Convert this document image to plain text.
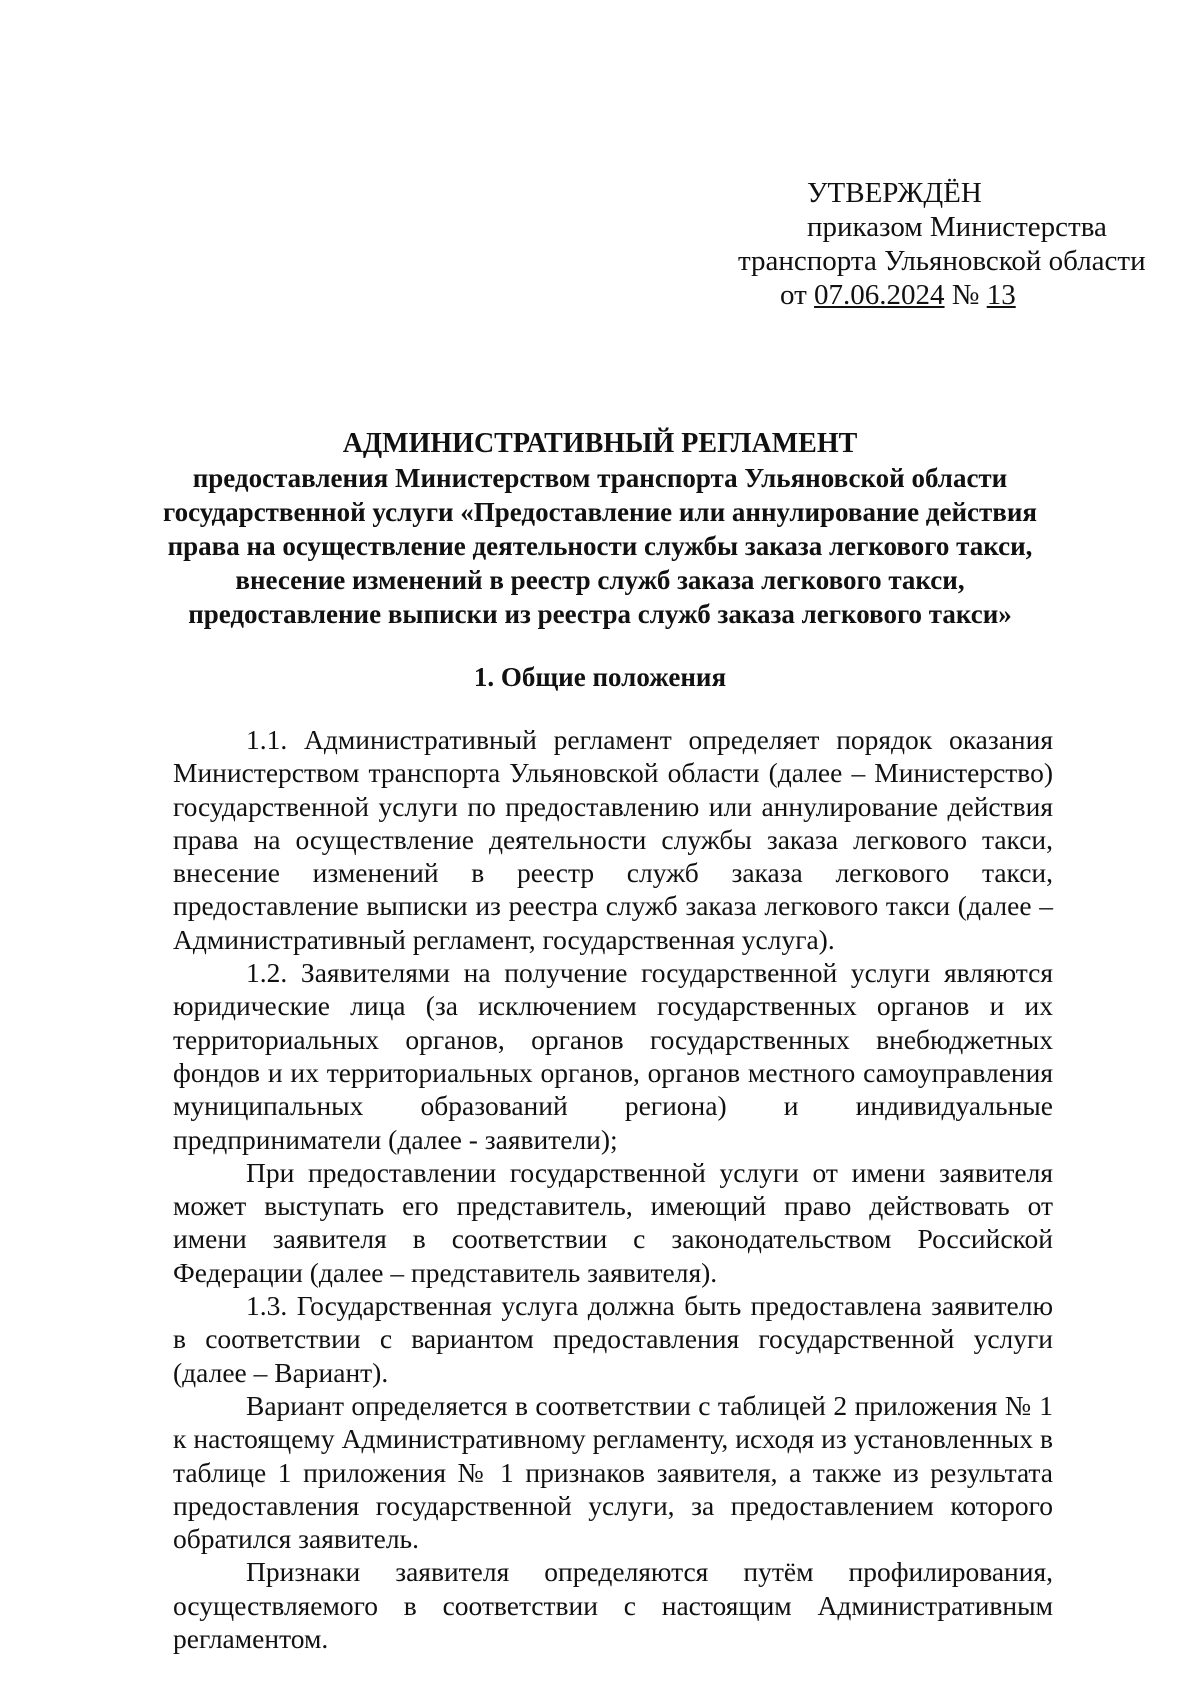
УТВЕРЖДЁН
приказом Министерства
транспорта Ульяновской области
от 07.06.2024 № 13
АДМИНИСТРАТИВНЫЙ РЕГЛАМЕНТ
предоставления Министерством транспорта Ульяновской области
государственной услуги «Предоставление или аннулирование действия
права на осуществление деятельности службы заказа легкового такси,
внесение изменений в реестр служб заказа легкового такси,
предоставление выписки из реестра служб заказа легкового такси»
1. Общие положения

1.1. Административный регламент определяет порядок оказания Министерством транспорта Ульяновской области (далее – Министерство) государственной услуги по предоставлению или аннулирование действия права на осуществление деятельности службы заказа легкового такси, внесение изменений в реестр служб заказа легкового такси, предоставление выписки из реестра служб заказа легкового такси (далее – Административный регламент, государственная услуга).

1.2. Заявителями на получение государственной услуги являются юридические лица (за исключением государственных органов и их территориальных органов, органов государственных внебюджетных фондов и их территориальных органов, органов местного самоуправления муниципальных образований региона) и индивидуальные предприниматели (далее - заявители);

При предоставлении государственной услуги от имени заявителя может выступать его представитель, имеющий право действовать от имени заявителя в соответствии с законодательством Российской Федерации (далее – представитель заявителя).

1.3. Государственная услуга должна быть предоставлена заявителю в соответствии с вариантом предоставления государственной услуги (далее – Вариант).

Вариант определяется в соответствии с таблицей 2 приложения № 1 к настоящему Административному регламенту, исходя из установленных в таблице 1 приложения № 1 признаков заявителя, а также из результата предоставления государственной услуги, за предоставлением которого обратился заявитель.

Признаки заявителя определяются путём профилирования, осуществляемого в соответствии с настоящим Административным регламентом.
